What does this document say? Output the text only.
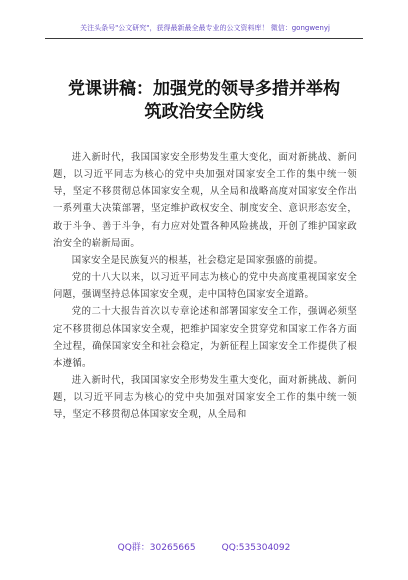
关注头条号"公文研究"，获得最新最全最专业的公文资料库！ 微信：gongwenyj
党课讲稿：加强党的领导多措并举构
筑政治安全防线

进入新时代，我国国家安全形势发生重大变化，面对新挑战、新问题，以习近平同志为核心的党中央加强对国家安全工作的集中统一领导，坚定不移贯彻总体国家安全观，从全局和战略高度对国家安全作出一系列重大决策部署，坚定维护政权安全、制度安全、意识形态安全，敢于斗争、善于斗争，有力应对处置各种风险挑战，开创了维护国家政治安全的崭新局面。

国家安全是民族复兴的根基，社会稳定是国家强盛的前提。

党的十八大以来，以习近平同志为核心的党中央高度重视国家安全问题，强调坚持总体国家安全观，走中国特色国家安全道路。

党的二十大报告首次以专章论述和部署国家安全工作，强调必须坚定不移贯彻总体国家安全观，把维护国家安全贯穿党和国家工作各方面全过程，确保国家安全和社会稳定，为新征程上国家安全工作提供了根本遵循。

进入新时代，我国国家安全形势发生重大变化，面对新挑战、新问题，以习近平同志为核心的党中央加强对国家安全工作的集中统一领导，坚定不移贯彻总体国家安全观，从全局和

QQ群：30265665	QQ:535304092
